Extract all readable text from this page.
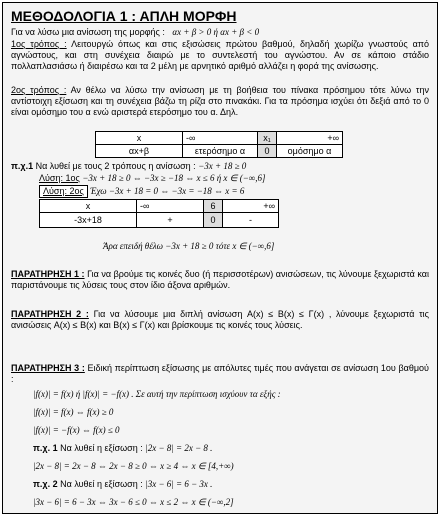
ΜΕΘΟΔΟΛΟΓΙΑ 1 : ΑΠΛΗ ΜΟΡΦΗ
Για να λύσω μια ανίσωση της μορφής : αx + β > 0 ή αx + β < 0
1ος τρόπος : Λειτουργώ όπως και στις εξισώσεις πρώτου βαθμού, δηλαδή χωρίζω γνωστούς από αγνώστους, και στη συνέχεια διαιρώ με το συντελεστή του αγνώστου. Αν σε κάποιο στάδιο πολλαπλασιάσω ή διαιρέσω και τα 2 μέλη με αρνητικό αριθμό αλλάζει η φορά της ανίσωσης.
2ος τρόπος : Αν θέλω να λύσω την ανίσωση με τη βοήθεια του πίνακα πρόσημου τότε λύνω την αντίστοιχη εξίσωση και τη συνέχεια βάζω τη ρίζα στο πινακάκι. Για τα πρόσημα ισχύει ότι δεξιά από το 0 είναι ομόσημο του α ενώ αριστερά ετερόσημο του α. Δηλ.
x	-∞	x₁	+∞
αx+β	ετερόσημο α	0	ομόσημο α
π.χ.1 Να λυθεί με τους 2 τρόπους η ανίσωση : −3x + 18 ≥ 0
Λύση: 1ος −3x + 18 ≥ 0 ⇔ −3x ≥ −18 ⇔ x ≤ 6 ή x ∈ (−∞,6]
Λύση: 2ος Έχω −3x + 18 = 0 ⇔ −3x = −18 ⇔ x = 6
x	-∞	6	+∞
-3x+18	+	0	-
Άρα επειδή θέλω −3x + 18 ≥ 0 τότε x ∈ (−∞,6]
ΠΑΡΑΤΗΡΗΣΗ 1 : Για να βρούμε τις κοινές δυο (ή περισσοτέρων) ανισώσεων, τις λύνουμε ξεχωριστά και παριστάνουμε τις λύσεις τους στον ίδιο άξονα αριθμών.
ΠΑΡΑΤΗΡΗΣΗ 2 : Για να λύσουμε μια διπλή ανίσωση A(x) ≤ B(x) ≤ Γ(x) , λύνουμε ξεχωριστά τις ανισώσεις A(x) ≤ B(x) και B(x) ≤ Γ(x) και βρίσκουμε τις κοινές τους λύσεις.
ΠΑΡΑΤΗΡΗΣΗ 3 : Ειδική περίπτωση εξίσωσης με απόλυτες τιμές που ανάγεται σε ανίσωση 1ου βαθμού :
|f(x)| = f(x) ή |f(x)| = −f(x) . Σε αυτή την περίπτωση ισχύουν τα εξής :
|f(x)| = f(x) ⇔ f(x) ≥ 0
|f(x)| = −f(x) ⇔ f(x) ≤ 0
π.χ. 1 Να λυθεί η εξίσωση : |2x − 8| = 2x − 8 .
|2x − 8| = 2x − 8 ⇔ 2x − 8 ≥ 0 ⇔ x ≥ 4 ⇔ x ∈ [4,+∞)
π.χ. 2 Να λυθεί η εξίσωση : |3x − 6| = 6 − 3x .
|3x − 6| = 6 − 3x ⇔ 3x − 6 ≤ 0 ⇔ x ≤ 2 ⇔ x ∈ (−∞,2]
